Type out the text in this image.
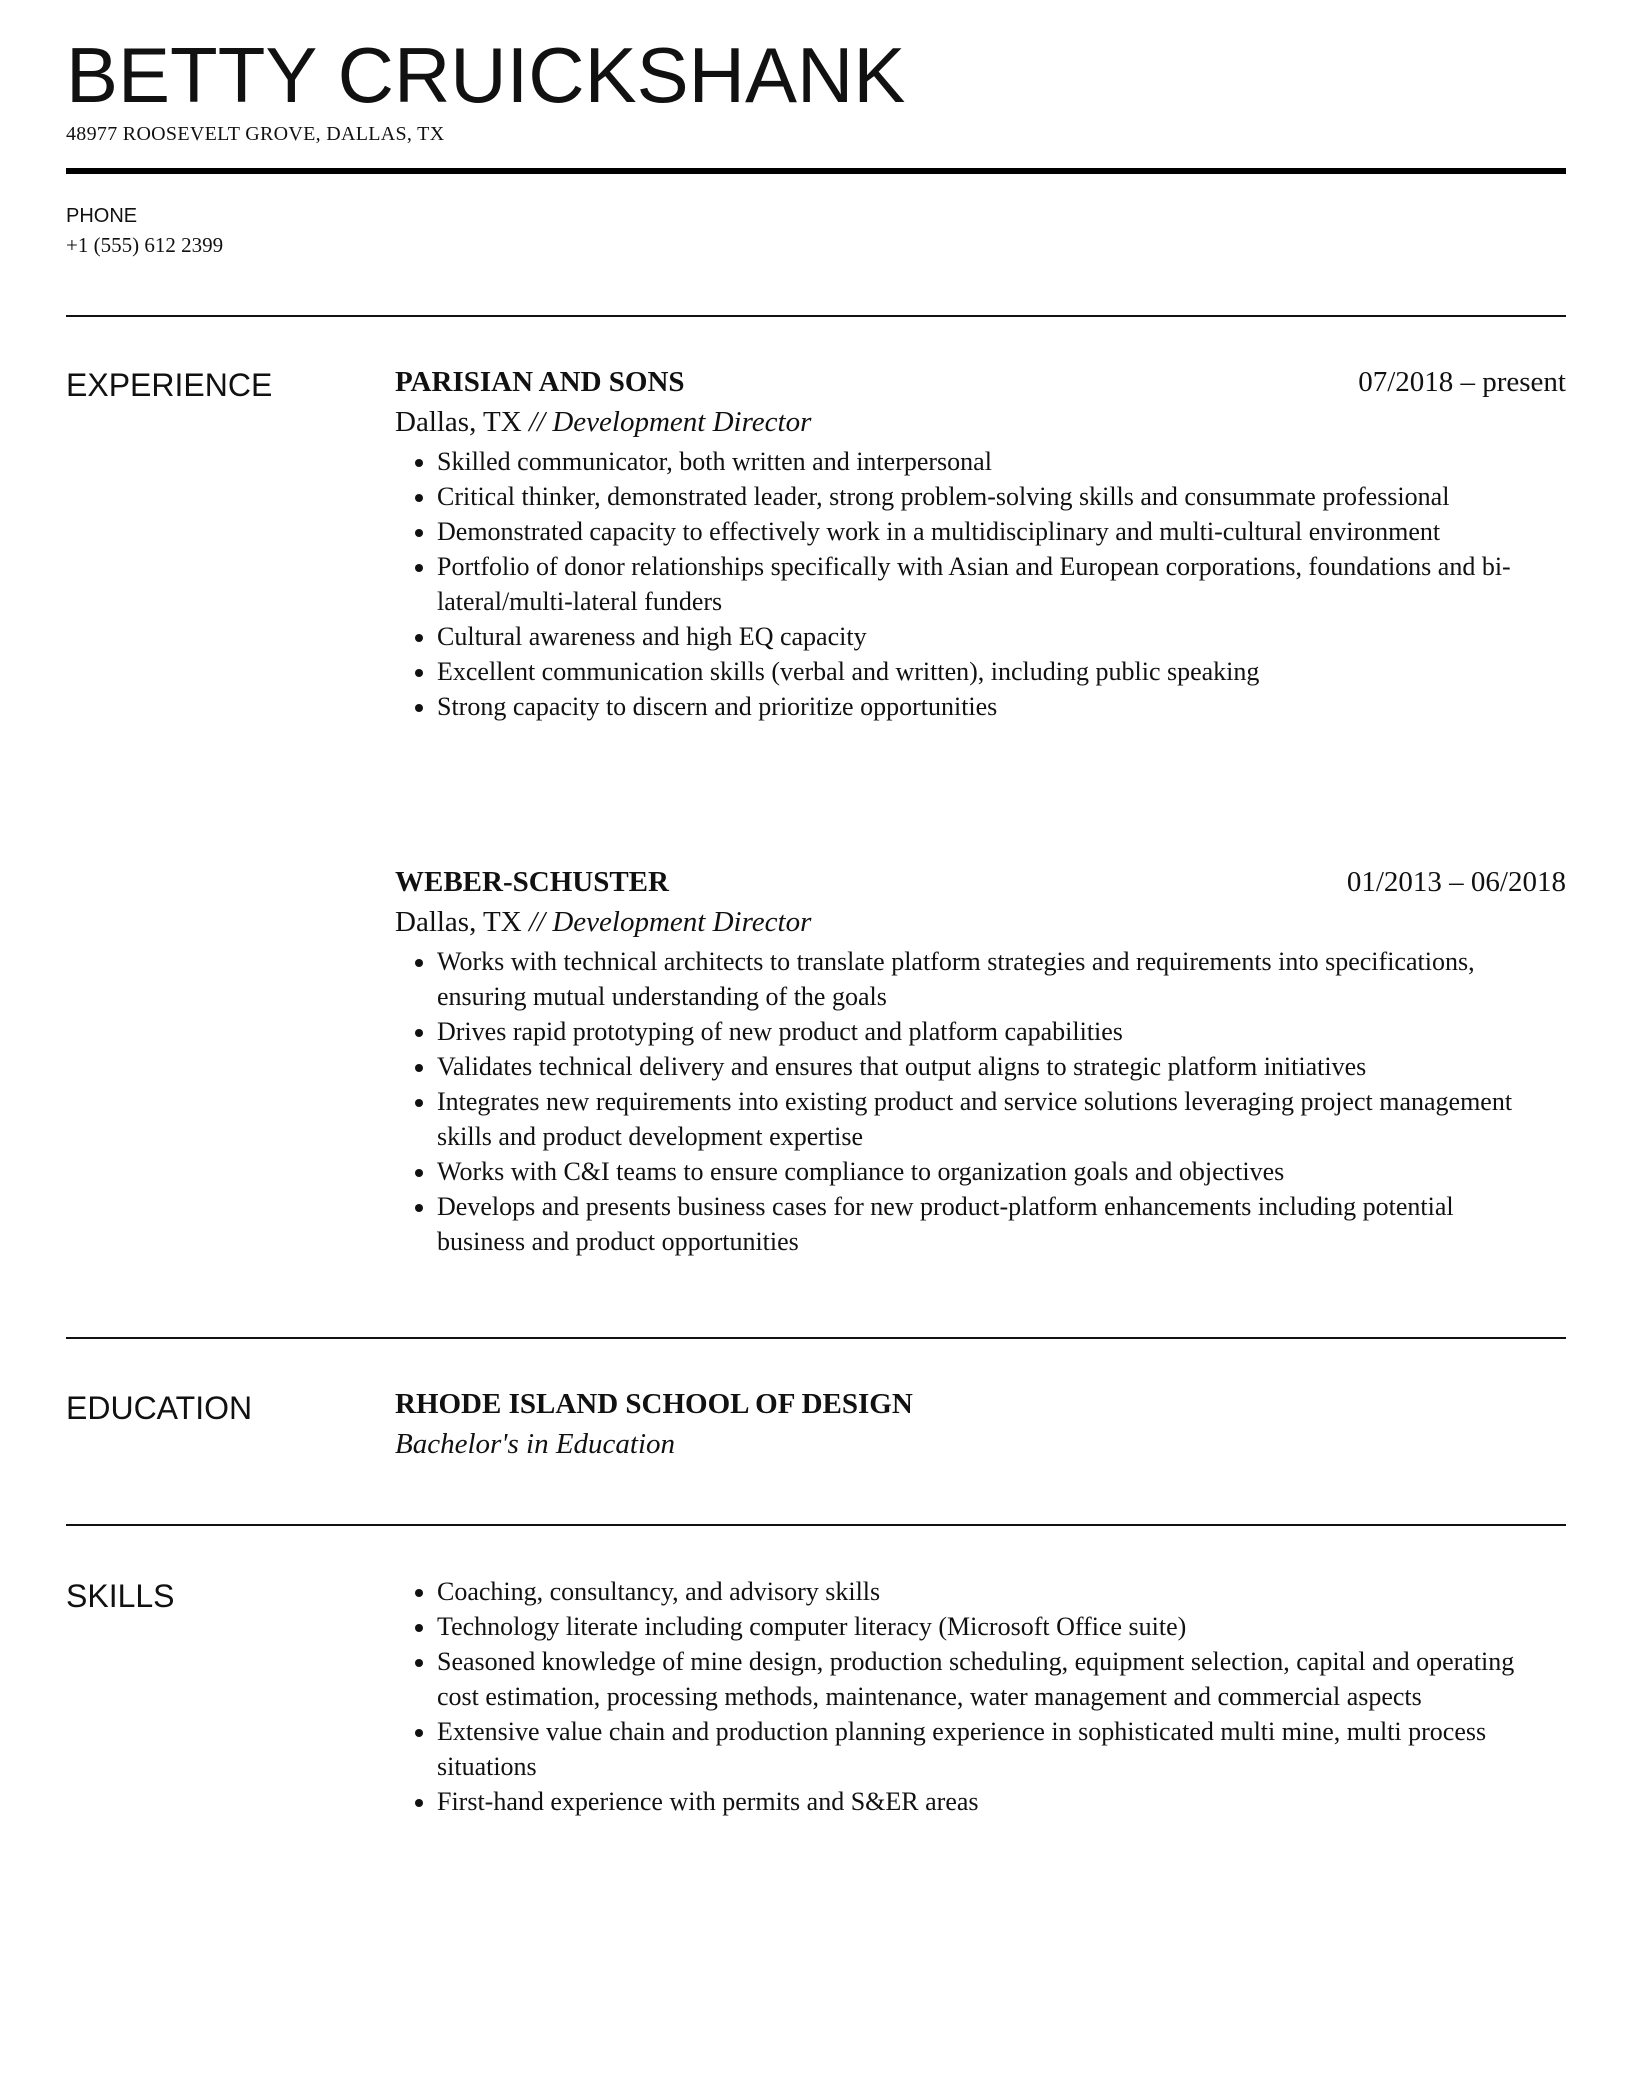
BETTY CRUICKSHANK
48977 ROOSEVELT GROVE, DALLAS, TX
PHONE
+1 (555) 612 2399
EXPERIENCE	PARISIAN AND SONS	07/2018 – present
Dallas, TX // Development Director
Skilled communicator, both written and interpersonal
Critical thinker, demonstrated leader, strong problem-solving skills and consummate professional
Demonstrated capacity to effectively work in a multidisciplinary and multi-cultural environment
Portfolio of donor relationships specifically with Asian and European corporations, foundations and bi-lateral/multi-lateral funders
Cultural awareness and high EQ capacity
Excellent communication skills (verbal and written), including public speaking
Strong capacity to discern and prioritize opportunities
WEBER-SCHUSTER	01/2013 – 06/2018
Dallas, TX // Development Director
Works with technical architects to translate platform strategies and requirements into specifications, ensuring mutual understanding of the goals
Drives rapid prototyping of new product and platform capabilities
Validates technical delivery and ensures that output aligns to strategic platform initiatives
Integrates new requirements into existing product and service solutions leveraging project management skills and product development expertise
Works with C&I teams to ensure compliance to organization goals and objectives
Develops and presents business cases for new product-platform enhancements including potential business and product opportunities
EDUCATION	RHODE ISLAND SCHOOL OF DESIGN
Bachelor's in Education
SKILLS	Coaching, consultancy, and advisory skills
Technology literate including computer literacy (Microsoft Office suite)
Seasoned knowledge of mine design, production scheduling, equipment selection, capital and operating cost estimation, processing methods, maintenance, water management and commercial aspects
Extensive value chain and production planning experience in sophisticated multi mine, multi process situations
First-hand experience with permits and S&ER areas
